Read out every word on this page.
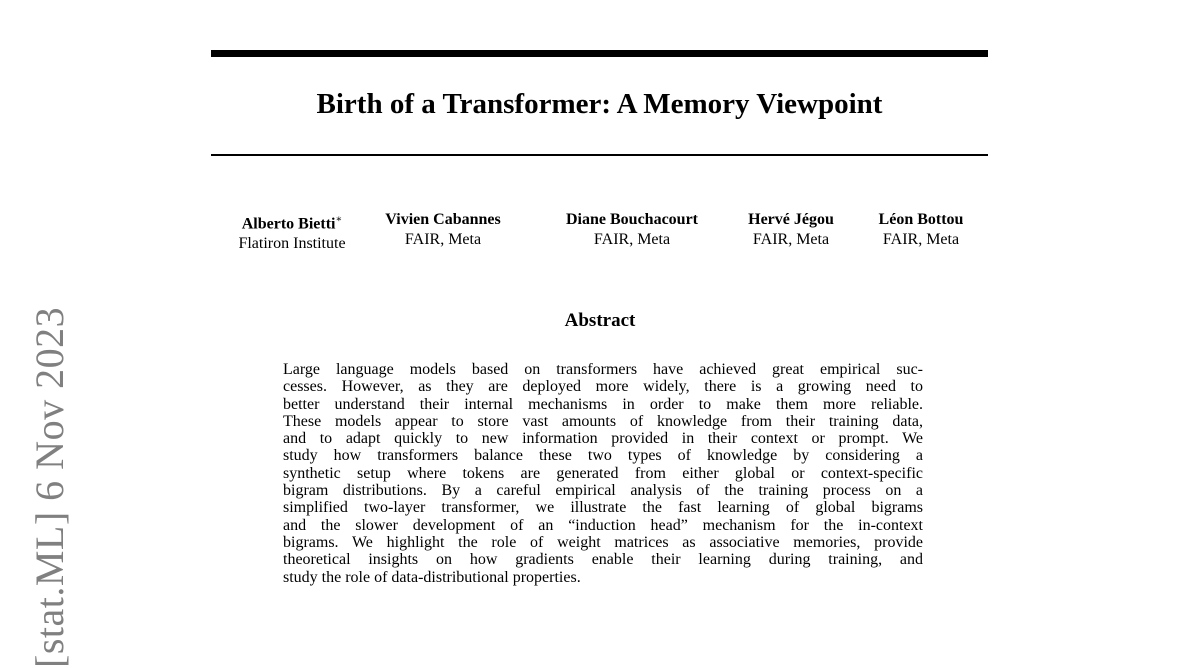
[stat.ML] 6 Nov 2023
Birth of a Transformer: A Memory Viewpoint
Alberto Bietti∗
Flatiron Institute
Vivien Cabannes
FAIR, Meta
Diane Bouchacourt
FAIR, Meta
Hervé Jégou
FAIR, Meta
Léon Bottou
FAIR, Meta
Abstract
Large language models based on transformers have achieved great empirical suc-
cesses. However, as they are deployed more widely, there is a growing need to
better understand their internal mechanisms in order to make them more reliable.
These models appear to store vast amounts of knowledge from their training data,
and to adapt quickly to new information provided in their context or prompt. We
study how transformers balance these two types of knowledge by considering a
synthetic setup where tokens are generated from either global or context-specific
bigram distributions. By a careful empirical analysis of the training process on a
simplified two-layer transformer, we illustrate the fast learning of global bigrams
and the slower development of an “induction head” mechanism for the in-context
bigrams. We highlight the role of weight matrices as associative memories, provide
theoretical insights on how gradients enable their learning during training, and
study the role of data-distributional properties.
